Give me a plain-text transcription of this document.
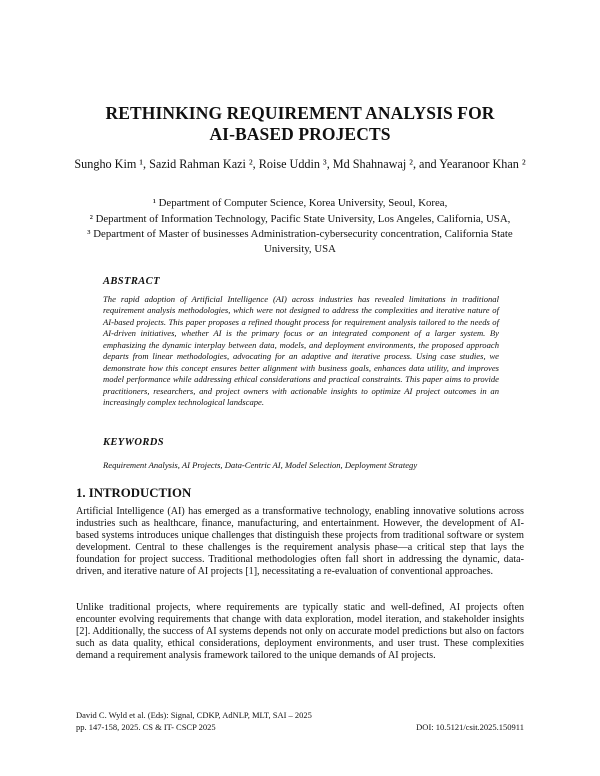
RETHINKING REQUIREMENT ANALYSIS FOR
AI-BASED PROJECTS
Sungho Kim ¹, Sazid Rahman Kazi ², Roise Uddin ³, Md Shahnawaj ², and Yearanoor Khan ²
¹ Department of Computer Science, Korea University, Seoul, Korea,
² Department of Information Technology, Pacific State University, Los Angeles, California, USA,
³ Department of Master of businesses Administration-cybersecurity concentration, California State University, USA
ABSTRACT
The rapid adoption of Artificial Intelligence (AI) across industries has revealed limitations in traditional requirement analysis methodologies, which were not designed to address the complexities and iterative nature of AI-based projects. This paper proposes a refined thought process for requirement analysis tailored to the needs of AI-driven initiatives, whether AI is the primary focus or an integrated component of a larger system. By emphasizing the dynamic interplay between data, models, and deployment environments, the proposed approach departs from linear methodologies, advocating for an adaptive and iterative process. Using case studies, we demonstrate how this concept ensures better alignment with business goals, enhances data utility, and improves model performance while addressing ethical considerations and practical constraints. This paper aims to provide practitioners, researchers, and project owners with actionable insights to optimize AI project outcomes in an increasingly complex technological landscape.
KEYWORDS
Requirement Analysis, AI Projects, Data-Centric AI, Model Selection, Deployment Strategy
1. INTRODUCTION
Artificial Intelligence (AI) has emerged as a transformative technology, enabling innovative solutions across industries such as healthcare, finance, manufacturing, and entertainment. However, the development of AI-based systems introduces unique challenges that distinguish these projects from traditional software or system development. Central to these challenges is the requirement analysis phase—a critical step that lays the foundation for project success. Traditional methodologies often fall short in addressing the dynamic, data-driven, and iterative nature of AI projects [1], necessitating a re-evaluation of conventional approaches.
Unlike traditional projects, where requirements are typically static and well-defined, AI projects often encounter evolving requirements that change with data exploration, model iteration, and stakeholder insights [2]. Additionally, the success of AI systems depends not only on accurate model predictions but also on factors such as data quality, ethical considerations, deployment environments, and user trust. These complexities demand a requirement analysis framework tailored to the unique demands of AI projects.
David C. Wyld et al. (Eds): Signal, CDKP, AdNLP, MLT, SAI – 2025
pp. 147-158, 2025. CS & IT- CSCP 2025	DOI: 10.5121/csit.2025.150911
